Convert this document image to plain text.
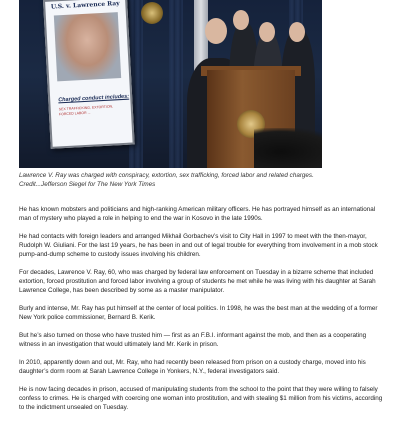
U.S. v. Lawrence Ray
Charged conduct includes:
SEX TRAFFICKING, EXTORTION,
FORCED LABOR ...

Lawrence V. Ray was charged with conspiracy, extortion, sex trafficking, forced labor and related charges.
Credit...Jefferson Siegel for The New York Times

He has known mobsters and politicians and high-ranking American military officers. He has portrayed himself as an international man of mystery who played a role in helping to end the war in Kosovo in the late 1990s.

He had contacts with foreign leaders and arranged Mikhail Gorbachev’s visit to City Hall in 1997 to meet with the then-mayor, Rudolph W. Giuliani. For the last 19 years, he has been in and out of legal trouble for everything from involvement in a mob stock pump-and-dump scheme to custody issues involving his children.

For decades, Lawrence V. Ray, 60, who was charged by federal law enforcement on Tuesday in a bizarre scheme that included extortion, forced prostitution and forced labor involving a group of students he met while he was living with his daughter at Sarah Lawrence College, has been described by some as a master manipulator.

Burly and intense, Mr. Ray has put himself at the center of local politics. In 1998, he was the best man at the wedding of a former New York police commissioner, Bernard B. Kerik.

But he’s also turned on those who have trusted him — first as an F.B.I. informant against the mob, and then as a cooperating witness in an investigation that would ultimately land Mr. Kerik in prison.

In 2010, apparently down and out, Mr. Ray, who had recently been released from prison on a custody charge, moved into his daughter’s dorm room at Sarah Lawrence College in Yonkers, N.Y., federal investigators said.

He is now facing decades in prison, accused of manipulating students from the school to the point that they were willing to falsely confess to crimes. He is charged with coercing one woman into prostitution, and with stealing $1 million from his victims, according to the indictment unsealed on Tuesday.
